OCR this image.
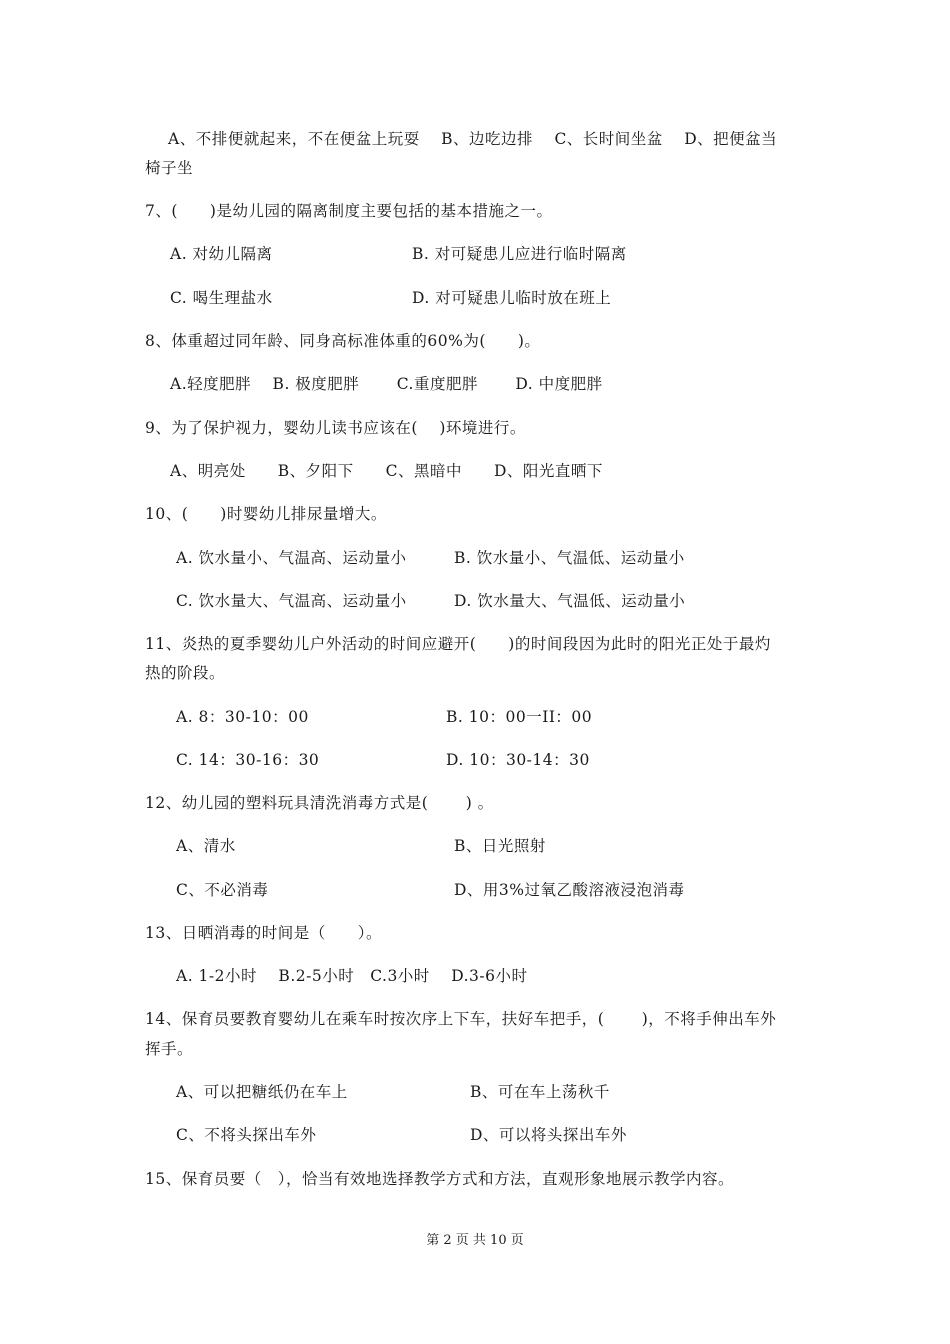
A、不排便就起来，不在便盆上玩耍　 B、边吃边排　 C、长时间坐盆　 D、把便盆当
椅子坐
7、(　　)是幼儿园的隔离制度主要包括的基本措施之一。
A. 对幼儿隔离	B. 对可疑患儿应进行临时隔离
C. 喝生理盐水	D. 对可疑患儿临时放在班上
8、体重超过同年龄、同身高标准体重的60%为(　　)。
A.轻度肥胖　 B. 极度肥胖　　 C.重度肥胖　　 D. 中度肥胖
9、为了保护视力，婴幼儿读书应该在(　 )环境进行。
A、明亮处　　B、夕阳下　　C、黑暗中　　D、阳光直晒下
10、(　　)时婴幼儿排尿量增大。
A. 饮水量小、气温高、运动量小	B. 饮水量小、气温低、运动量小
C. 饮水量大、气温高、运动量小	D. 饮水量大、气温低、运动量小
11、炎热的夏季婴幼儿户外活动的时间应避开(　　)的时间段因为此时的阳光正处于最灼
热的阶段。
A. 8：30-10：00	B. 10：00一II：00
C. 14：30-16：30	D. 10：30-14：30
12、幼儿园的塑料玩具清洗消毒方式是(　　 ) 。
A、清水	B、日光照射
C、不必消毒	D、用3%过氧乙酸溶液浸泡消毒
13、日晒消毒的时间是（　　）。
A. 1-2小时　 B.2-5小时　C.3小时　 D.3-6小时
14、保育员要教育婴幼儿在乘车时按次序上下车，扶好车把手，(　　 )，不将手伸出车外
挥手。
A、可以把糖纸仍在车上	B、可在车上荡秋千
C、不将头探出车外	D、可以将头探出车外
15、保育员要（　），恰当有效地选择教学方式和方法，直观形象地展示教学内容。
第 2 页 共 10 页
